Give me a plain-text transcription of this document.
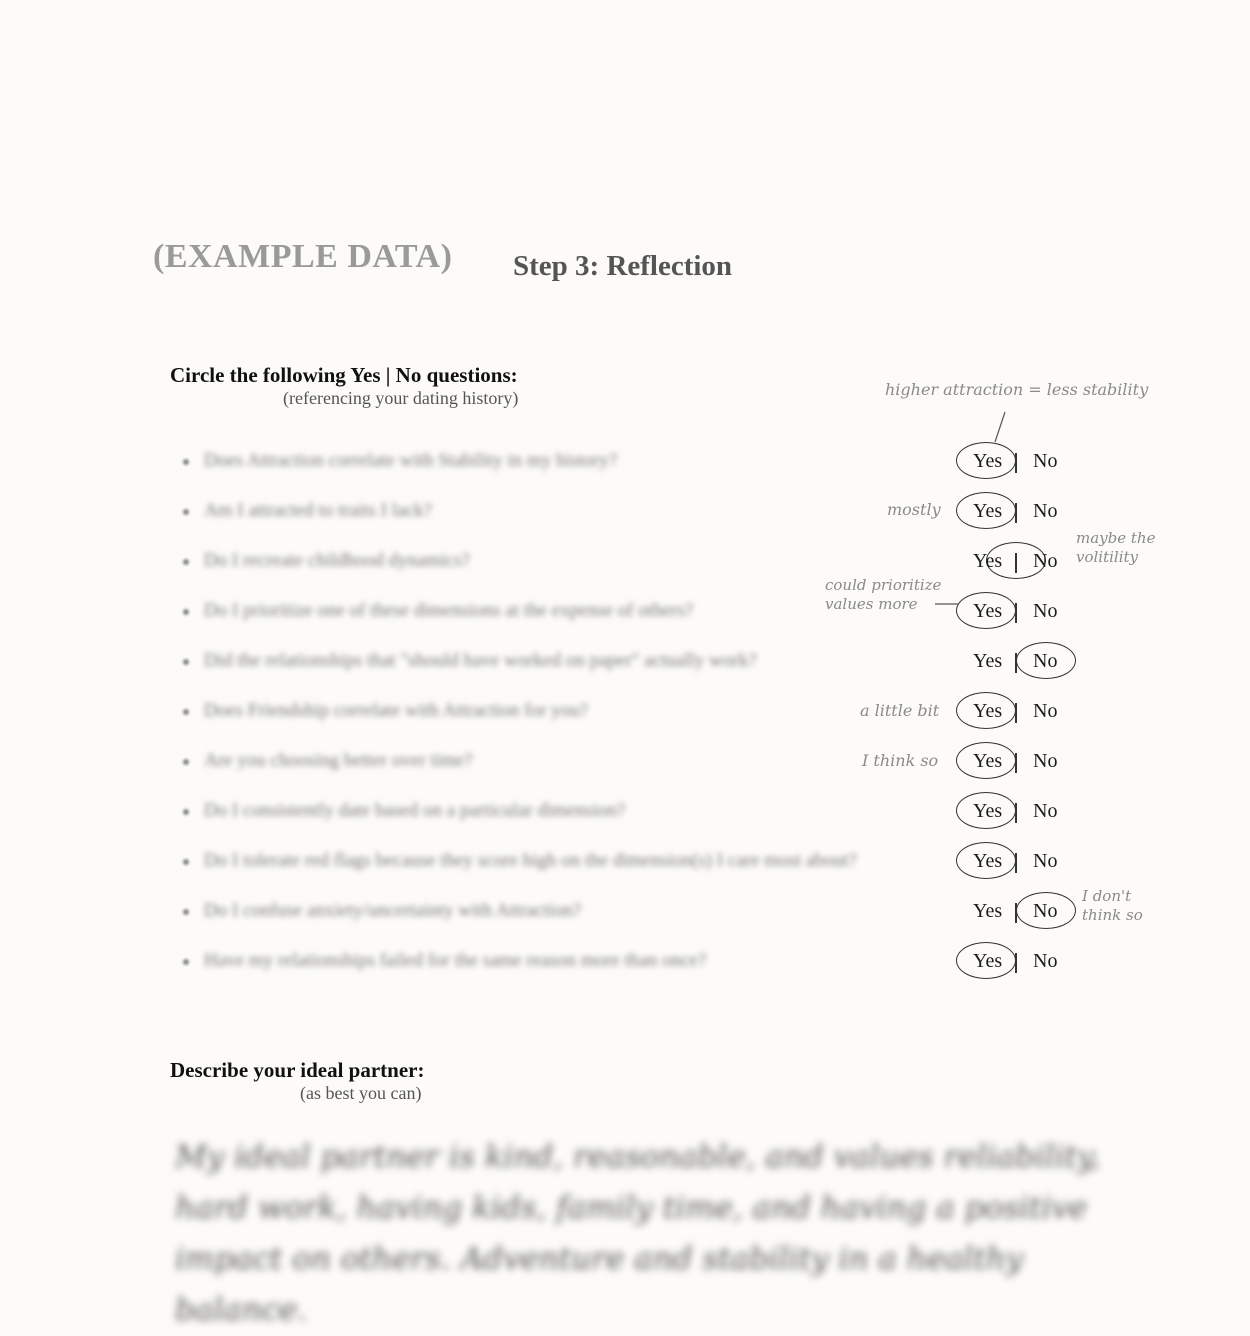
(EXAMPLE DATA) Step 3: Reflection
Circle the following Yes | No questions:
(referencing your dating history)
Does Attraction correlate with Stability in my history?	Yes No
Am I attracted to traits I lack?	Yes No
Do I recreate childhood dynamics?	Yes No
Do I prioritize one of these dimensions at the expense of others?	Yes No
Did the relationships that "should have worked on paper" actually work?	Yes No
Does Friendship correlate with Attraction for you?	Yes No
Are you choosing better over time?	Yes No
Do I consistently date based on a particular dimension?	Yes No
Do I tolerate red flags because they score high on the dimension(s) I care most about?	Yes No
Do I confuse anxiety/uncertainty with Attraction?	Yes No
Have my relationships failed for the same reason more than once?	Yes No
higher attraction = less stability
mostly
maybe the volitility
could prioritize values more
a little bit
I think so
I don't think so
Describe your ideal partner:
(as best you can)
My ideal partner is kind, reasonable, and values reliability, hard work, having kids, family time, and having a positive impact on others. Adventure and stability in a healthy balance.
